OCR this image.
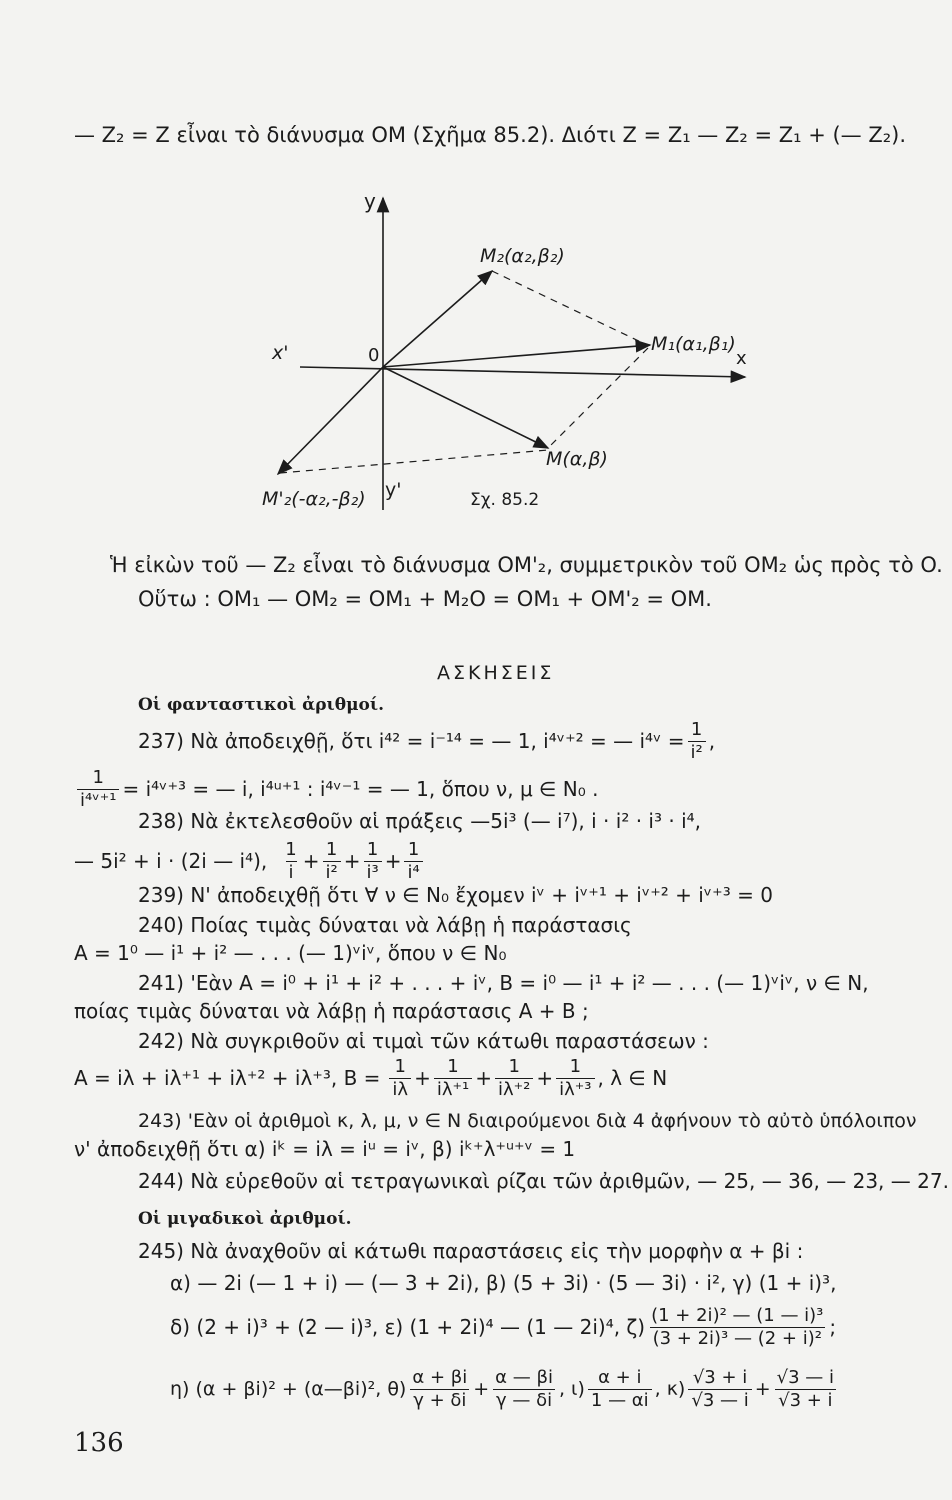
— Z₂ = Z εἶναι τὸ διάνυσμα OM (Σχῆμα 85.2). Διότι Z = Z₁ — Z₂ = Z₁ + (— Z₂).
y
x
x'
y'
0
M₂(α₂,β₂)
M₁(α₁,β₁)
M(α,β)
M'₂(-α₂,-β₂)	Σχ. 85.2
Ἡ εἰκὼν τοῦ — Z₂ εἶναι τὸ διάνυσμα OM'₂, συμμετρικὸν τοῦ OM₂ ὡς πρὸς τὸ O.
Οὕτω : OM₁ — OM₂ = OM₁ + M₂O = OM₁ + OM'₂ = OM.
ΑΣΚΗΣΕΙΣ
Οἱ φανταστικοὶ ἀριθμοί.
237) Νὰ ἀποδειχθῇ, ὅτι i⁴² = i⁻¹⁴ = — 1, i⁴ᵛ⁺² = — i⁴ᵛ = $\frac{1}{\text{i²}}$ ,
$\frac{1}{\text{i⁴ᵛ⁺¹}}$ = i⁴ᵛ⁺³ = — i, i⁴ᵘ⁺¹ : i⁴ᵛ⁻¹ = — 1, ὅπου ν, μ ∈ N₀ .
238) Νὰ ἐκτελεσθοῦν αἱ πράξεις —5i³ (— i⁷), i · i² · i³ · i⁴,
— 5i² + i · (2i — i⁴), $\frac{1}{i} + \frac{1}{\text{i²}} + \frac{1}{\text{i³}} + \frac{1}{\text{i⁴}}$
239) Ν' ἀποδειχθῇ ὅτι ∀ ν ∈ N₀ ἔχομεν iᵛ + iᵛ⁺¹ + iᵛ⁺² + iᵛ⁺³ = 0
240) Ποίας τιμὰς δύναται νὰ λάβῃ ἡ παράστασις
A = 1⁰ — i¹ + i² — . . . (— 1)ᵛiᵛ, ὅπου ν ∈ N₀
241) 'Εὰν A = i⁰ + i¹ + i² + . . . + iᵛ, B = i⁰ — i¹ + i² — . . . (— 1)ᵛiᵛ, ν ∈ N,
ποίας τιμὰς δύναται νὰ λάβῃ ἡ παράστασις A + B ;
242) Νὰ συγκριθοῦν αἱ τιμαὶ τῶν κάτωθι παραστάσεων :
A = iλ + iλ⁺¹ + iλ⁺² + iλ⁺³, $B = \frac{1}{i\lambda} + \frac{1}{\text{iλ⁺¹}} + \frac{1}{\text{iλ⁺²}} + \frac{1}{\text{iλ⁺³}}$ , λ ∈ N
243) 'Εὰν οἱ ἀριθμοὶ κ, λ, μ, ν ∈ N διαιρούμενοι διὰ 4 ἀφήνουν τὸ αὐτὸ ὑπόλοιπον
ν' ἀποδειχθῇ ὅτι α) iᵏ = iλ = iᵘ = iᵛ, β) iᵏ⁺λ⁺ᵘ⁺ᵛ = 1
244) Νὰ εὑρεθοῦν αἱ τετραγωνικαὶ ρίζαι τῶν ἀριθμῶν, — 25, — 36, — 23, — 27.
Οἱ μιγαδικοὶ ἀριθμοί.
245) Νὰ ἀναχθοῦν αἱ κάτωθι παραστάσεις εἰς τὴν μορφὴν α + βi :
α) — 2i (— 1 + i) — (— 3 + 2i), β) (5 + 3i) · (5 — 3i) · i², γ) (1 + i)³,
δ) (2 + i)³ + (2 — i)³, ε) (1 + 2i)⁴ — (1 — 2i)⁴, $\zeta) \frac{\text{(1 + 2i)² — (1 — i)³}}{\text{(3 + 2i)³ — (2 + i)²}}$ ;
η) (α + βi)² + (α—βi)², $\theta) \frac{\alpha + \beta i}{\gamma + \delta i} + \frac{\alpha — \beta i}{\gamma — \delta i}$ , $\iota) \frac{\alpha + i}{1 — \alpha i}$ , $\kappa) \frac{√3 + i}{√3 — i} + \frac{√3 — i}{√3 + i}$
136
